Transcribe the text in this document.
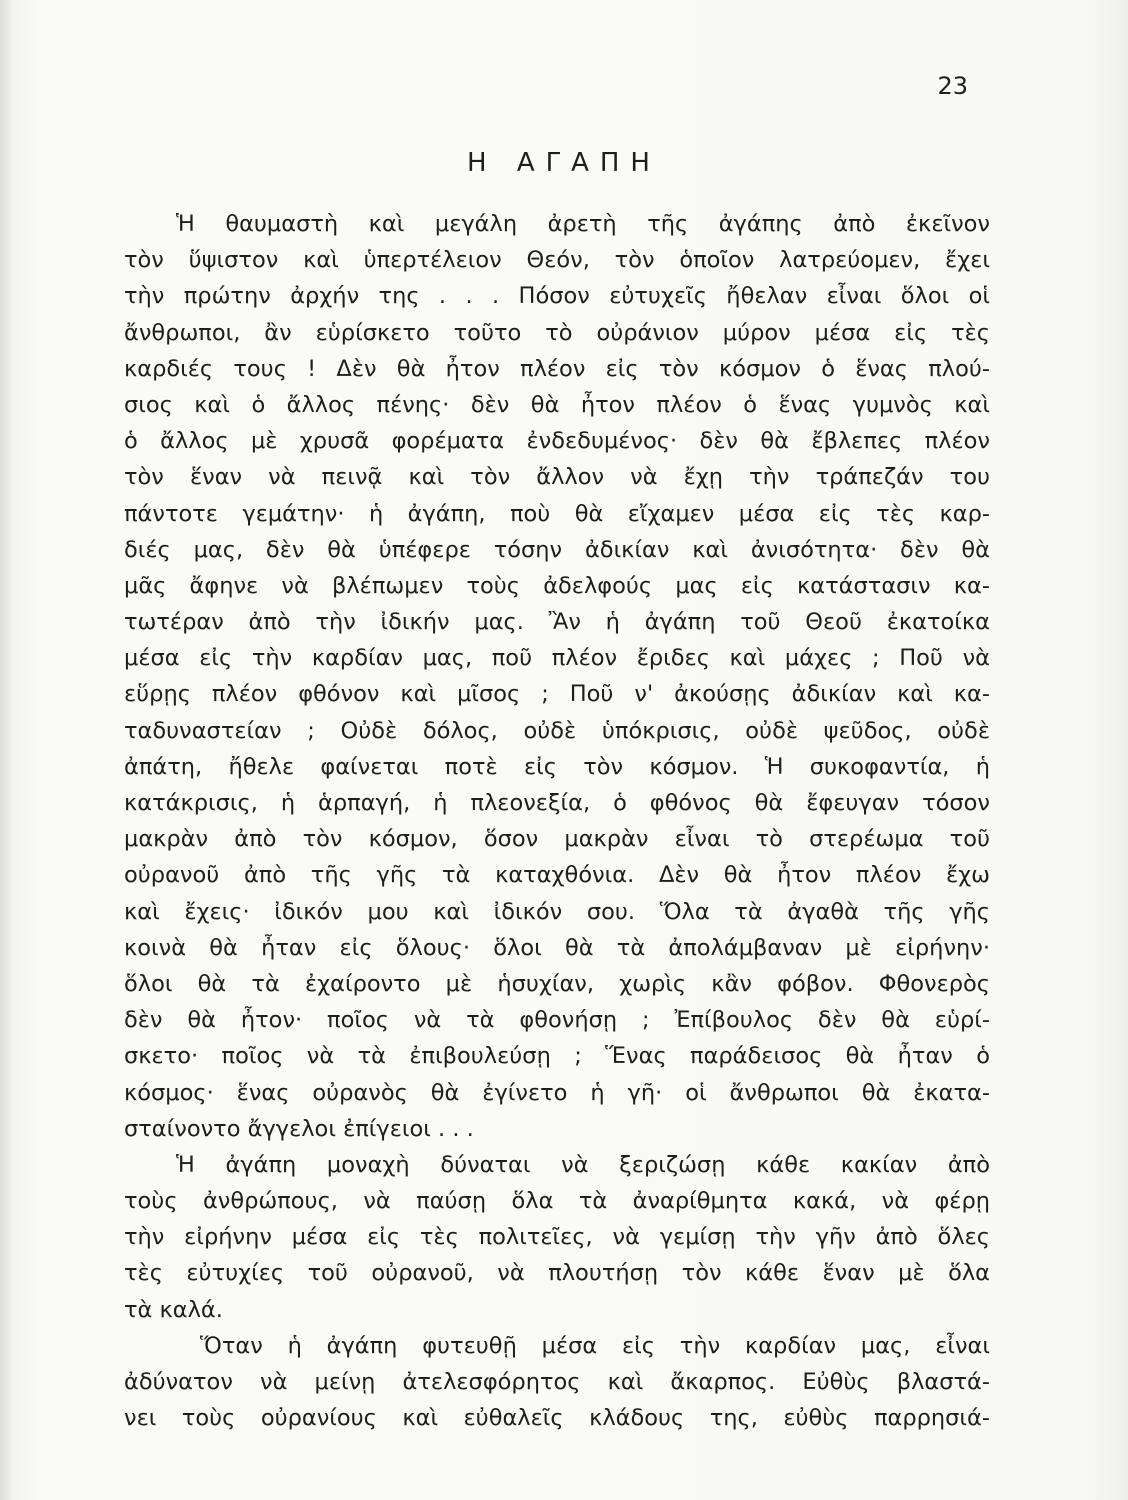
23
Η ΑΓΑΠΗ
Ἡ θαυμαστὴ καὶ μεγάλη ἀρετὴ τῆς ἀγάπης ἀπὸ ἐκεῖνον
τὸν ὕψιστον καὶ ὑπερτέλειον Θεόν, τὸν ὁποῖον λατρεύομεν, ἔχει
τὴν πρώτην ἀρχήν της . . . Πόσον εὐτυχεῖς ἤθελαν εἶναι ὅλοι οἱ
ἄνθρωποι, ἂν εὑρίσκετο τοῦτο τὸ οὐράνιον μύρον μέσα εἰς τὲς
καρδιές τους ! Δὲν θὰ ἦτον πλέον εἰς τὸν κόσμον ὁ ἕνας πλού-
σιος καὶ ὁ ἄλλος πένης· δὲν θὰ ἦτον πλέον ὁ ἕνας γυμνὸς καὶ
ὁ ἄλλος μὲ χρυσᾶ φορέματα ἐνδεδυμένος· δὲν θὰ ἔβλεπες πλέον
τὸν ἕναν νὰ πεινᾷ καὶ τὸν ἄλλον νὰ ἔχῃ τὴν τράπεζάν του
πάντοτε γεμάτην· ἡ ἀγάπη, ποὺ θὰ εἴχαμεν μέσα εἰς τὲς καρ-
διές μας, δὲν θὰ ὑπέφερε τόσην ἀδικίαν καὶ ἀνισότητα· δὲν θὰ
μᾶς ἄφηνε νὰ βλέπωμεν τοὺς ἀδελφούς μας εἰς κατάστασιν κα-
τωτέραν ἀπὸ τὴν ἰδικήν μας. Ἂν ἡ ἀγάπη τοῦ Θεοῦ ἐκατοίκα
μέσα εἰς τὴν καρδίαν μας, ποῦ πλέον ἔριδες καὶ μάχες ; Ποῦ νὰ
εὕρῃς πλέον φθόνον καὶ μῖσος ; Ποῦ ν' ἀκούσῃς ἀδικίαν καὶ κα-
ταδυναστείαν ; Οὐδὲ δόλος, οὐδὲ ὑπόκρισις, οὐδὲ ψεῦδος, οὐδὲ
ἀπάτη, ἤθελε φαίνεται ποτὲ εἰς τὸν κόσμον. Ἡ συκοφαντία, ἡ
κατάκρισις, ἡ ἁρπαγή, ἡ πλεονεξία, ὁ φθόνος θὰ ἔφευγαν τόσον
μακρὰν ἀπὸ τὸν κόσμον, ὅσον μακρὰν εἶναι τὸ στερέωμα τοῦ
οὐρανοῦ ἀπὸ τῆς γῆς τὰ καταχθόνια. Δὲν θὰ ἦτον πλέον ἔχω
καὶ ἔχεις· ἰδικόν μου καὶ ἰδικόν σου. Ὅλα τὰ ἀγαθὰ τῆς γῆς
κοινὰ θὰ ἦταν εἰς ὅλους· ὅλοι θὰ τὰ ἀπολάμβαναν μὲ εἰρήνην·
ὅλοι θὰ τὰ ἐχαίροντο μὲ ἡσυχίαν, χωρὶς κἂν φόβον. Φθονερὸς
δὲν θὰ ἦτον· ποῖος νὰ τὰ φθονήσῃ ; Ἐπίβουλος δὲν θὰ εὑρί-
σκετο· ποῖος νὰ τὰ ἐπιβουλεύσῃ ; Ἕνας παράδεισος θὰ ἦταν ὁ
κόσμος· ἕνας οὐρανὸς θὰ ἐγίνετο ἡ γῆ· οἱ ἄνθρωποι θὰ ἐκατα-
σταίνοντο ἄγγελοι ἐπίγειοι . . .
Ἡ ἀγάπη μοναχὴ δύναται νὰ ξεριζώσῃ κάθε κακίαν ἀπὸ
τοὺς ἀνθρώπους, νὰ παύσῃ ὅλα τὰ ἀναρίθμητα κακά, νὰ φέρῃ
τὴν εἰρήνην μέσα εἰς τὲς πολιτεῖες, νὰ γεμίσῃ τὴν γῆν ἀπὸ ὅλες
τὲς εὐτυχίες τοῦ οὐρανοῦ, νὰ πλουτήσῃ τὸν κάθε ἕναν μὲ ὅλα
τὰ καλά.
Ὅταν ἡ ἀγάπη φυτευθῇ μέσα εἰς τὴν καρδίαν μας, εἶναι
ἀδύνατον νὰ μείνῃ ἀτελεσφόρητος καὶ ἄκαρπος. Εὐθὺς βλαστά-
νει τοὺς οὐρανίους καὶ εὐθαλεῖς κλάδους της, εὐθὺς παρρησιά-
